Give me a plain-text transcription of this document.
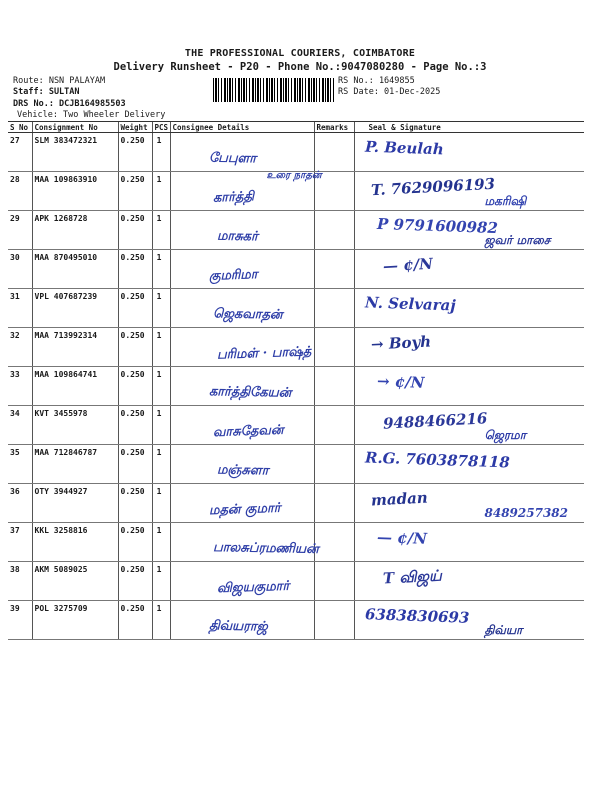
THE PROFESSIONAL COURIERS, COIMBATORE
Delivery Runsheet - P20 - Phone No.:9047080280 - Page No.:3
Route: NSN PALAYAM
Staff: SULTAN
DRS No.: DCJB164985503
Vehicle: Two Wheeler Delivery
RS No.: 1649855
RS Date: 01-Dec-2025
S No	Consignment No	Weight	PCS	Consignee Details	Remarks	Seal & Signature
27	SLM 383472321	0.250	1	பேபுளா		P. Beulah

28	MAA 109863910	0.250	1	கார்த்தி
உரை நாதன்		T. 7629096193
மகரிஷி

29	APK 1268728	0.250	1	மாசுகர்		P 9791600982
ஜவர் மாசை

30	MAA 870495010	0.250	1	குமரிமா		— ¢/N

31	VPL 407687239	0.250	1	ஜெகவாதன்		N. Selvaraj

32	MAA 713992314	0.250	1	பரிமள் · பாஷ்த்		→ Boyh

33	MAA 109864741	0.250	1	கார்த்திகேயன்		→ ¢/N

34	KVT 3455978	0.250	1	வாசுதேவன்		9488466216
ஜெரமா

35	MAA 712846787	0.250	1	மஞ்சுளா		R.G. 7603878118

36	OTY 3944927	0.250	1	மதன் குமார்		madan
8489257382

37	KKL 3258816	0.250	1	பாலசுப்ரமணியன்		— ¢/N

38	AKM 5089025	0.250	1	விஜயகுமார்		T விஜய்

39	POL 3275709	0.250	1	திவ்யராஜ்		6383830693
திவ்யா
